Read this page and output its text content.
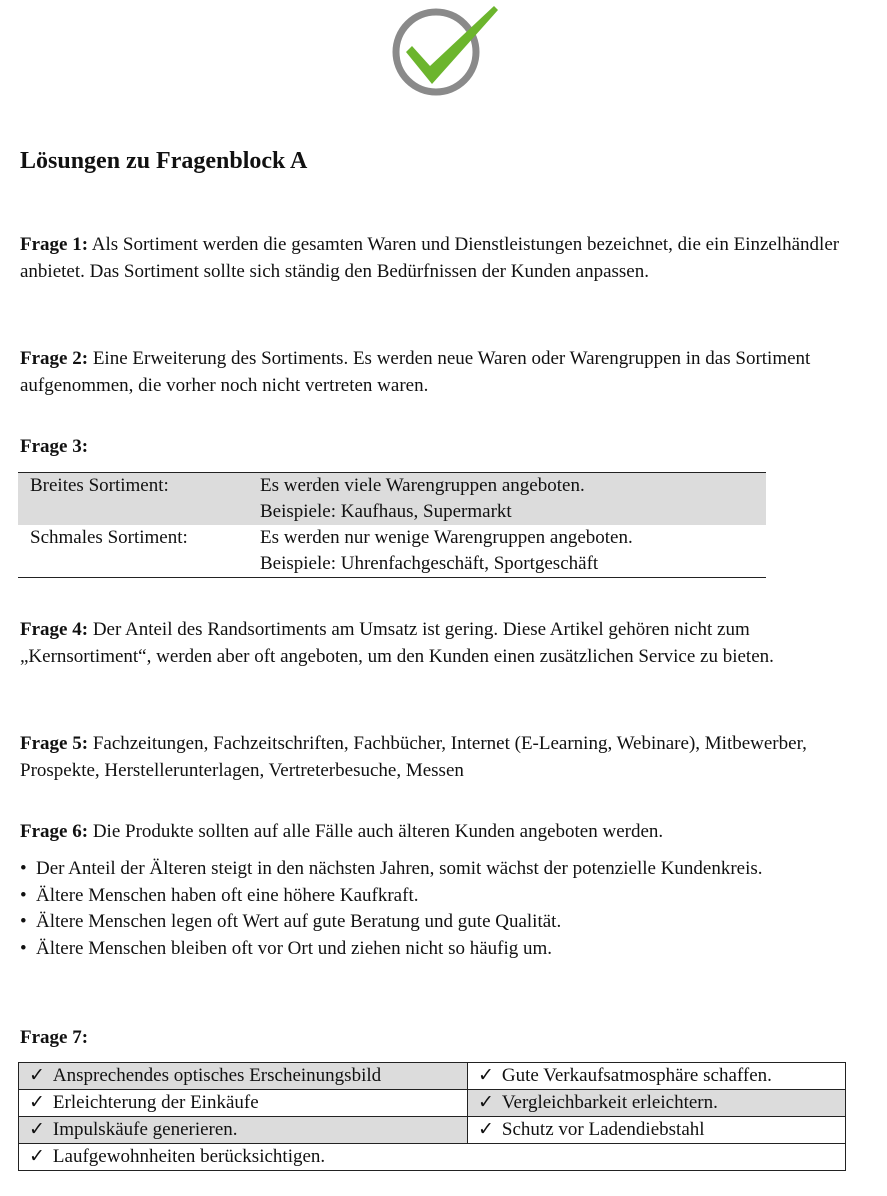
Lösungen zu Fragenblock A

Frage 1: Als Sortiment werden die gesamten Waren und Dienstleistungen bezeichnet, die ein Einzelhändler anbietet. Das Sortiment sollte sich ständig den Bedürfnissen der Kunden anpassen.

Frage 2: Eine Erweiterung des Sortiments. Es werden neue Waren oder Warengruppen in das Sortiment aufgenommen, die vorher noch nicht vertreten waren.

Frage 3:

Breites Sortiment:	Es werden viele Warengruppen angeboten.
Beispiele: Kaufhaus, Supermarkt
Schmales Sortiment:	Es werden nur wenige Warengruppen angeboten.
Beispiele: Uhrenfachgeschäft, Sportgeschäft

Frage 4: Der Anteil des Randsortiments am Umsatz ist gering. Diese Artikel gehören nicht zum „Kernsortiment“, werden aber oft angeboten, um den Kunden einen zusätzlichen Service zu bieten.

Frage 5: Fachzeitungen, Fachzeitschriften, Fachbücher, Internet (E-Learning, Webinare), Mitbewerber, Prospekte, Herstellerunterlagen, Vertreterbesuche, Messen

Frage 6: Die Produkte sollten auf alle Fälle auch älteren Kunden angeboten werden.

• Der Anteil der Älteren steigt in den nächsten Jahren, somit wächst der potenzielle Kundenkreis.
• Ältere Menschen haben oft eine höhere Kaufkraft.
• Ältere Menschen legen oft Wert auf gute Beratung und gute Qualität.
• Ältere Menschen bleiben oft vor Ort und ziehen nicht so häufig um.

Frage 7:

✓ Ansprechendes optisches Erscheinungsbild	✓ Gute Verkaufsatmosphäre schaffen.
✓ Erleichterung der Einkäufe	✓ Vergleichbarkeit erleichtern.
✓ Impulskäufe generieren.	✓ Schutz vor Ladendiebstahl
✓ Laufgewohnheiten berücksichtigen.	
